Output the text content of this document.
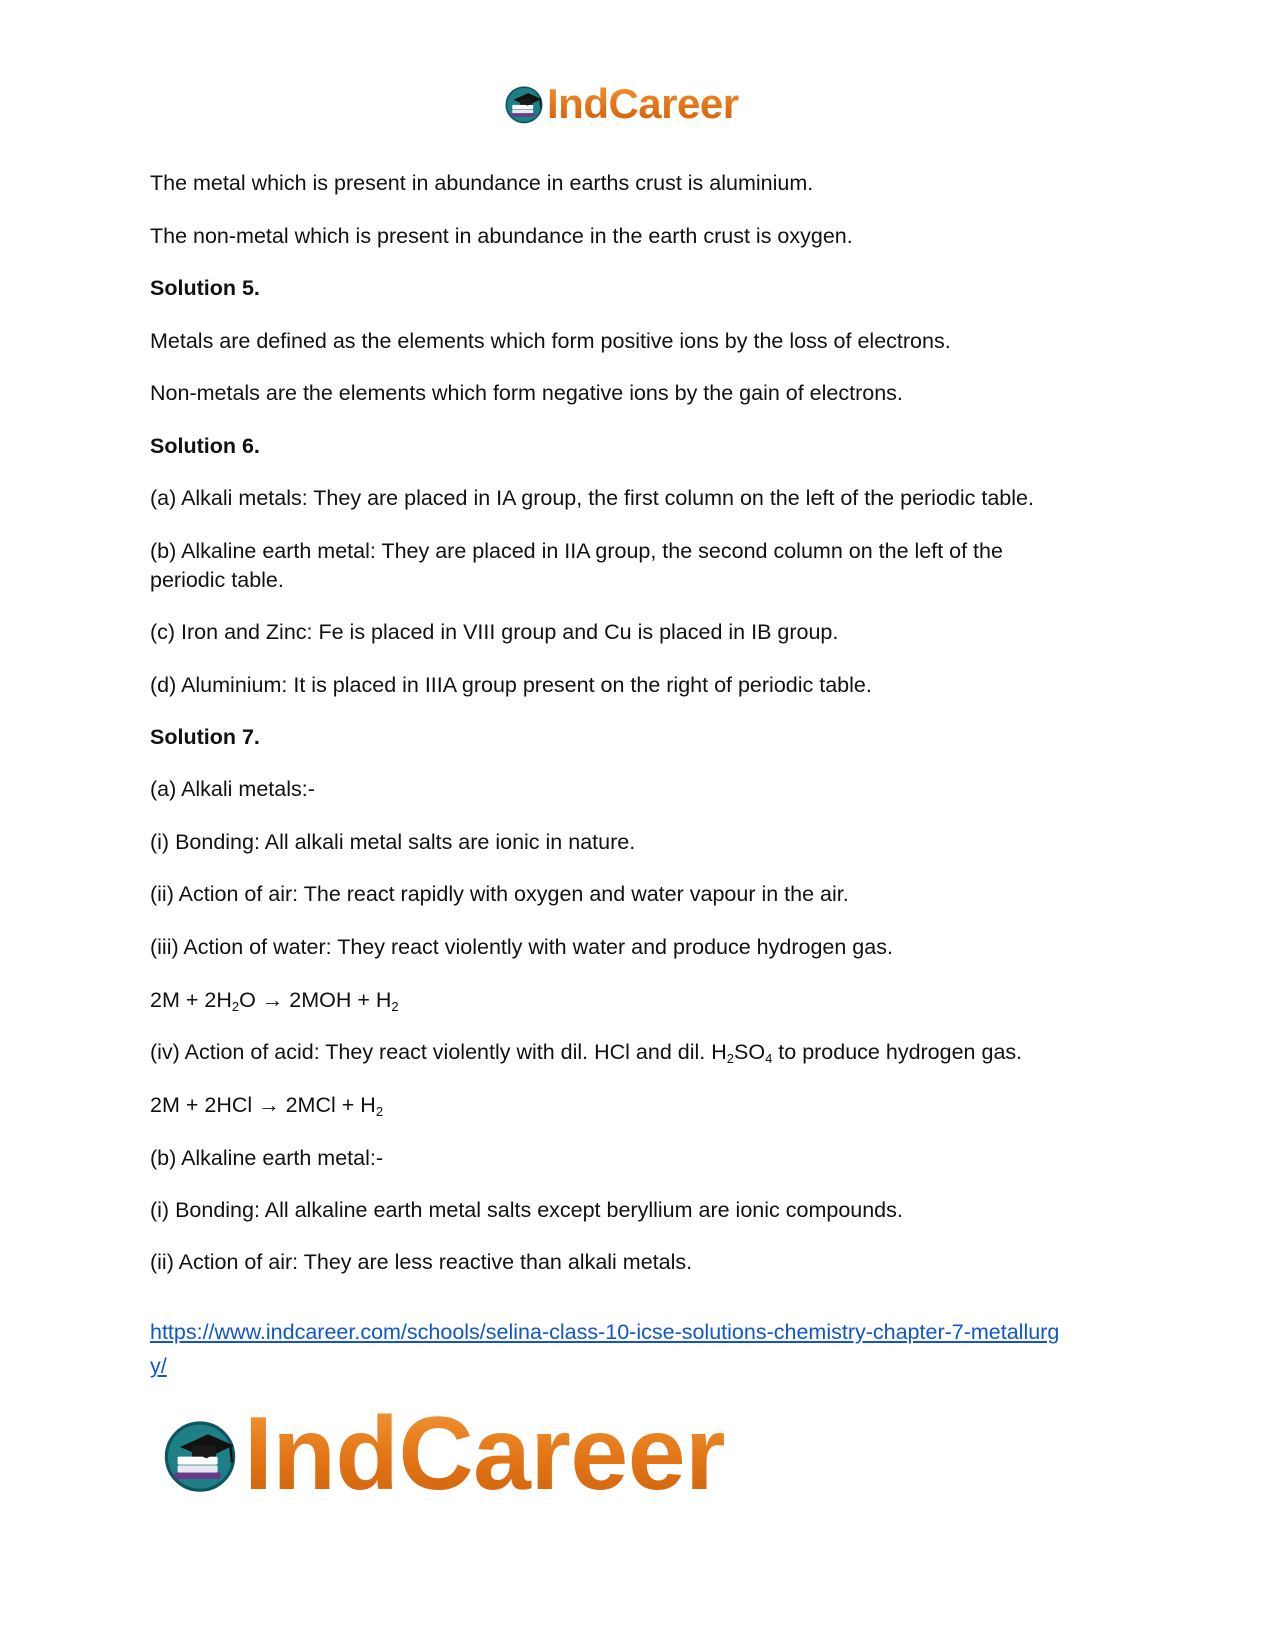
IndCareer
The metal which is present in abundance in earths crust is aluminium.
The non-metal which is present in abundance in the earth crust is oxygen.
Solution 5.
Metals are defined as the elements which form positive ions by the loss of electrons.
Non-metals are the elements which form negative ions by the gain of electrons.
Solution 6.
(a) Alkali metals: They are placed in IA group, the first column on the left of the periodic table.
(b) Alkaline earth metal: They are placed in IIA group, the second column on the left of the
periodic table.
(c) Iron and Zinc: Fe is placed in VIII group and Cu is placed in IB group.
(d) Aluminium: It is placed in IIIA group present on the right of periodic table.
Solution 7.
(a) Alkali metals:-
(i) Bonding: All alkali metal salts are ionic in nature.
(ii) Action of air: The react rapidly with oxygen and water vapour in the air.
(iii) Action of water: They react violently with water and produce hydrogen gas.
$2M + 2H_2O \to 2MOH + H_2$
(iv) Action of acid: They react violently with dil. HCl and dil. $H_2SO_4$ to produce hydrogen gas.
$2M + 2HCl \to 2MCl + H_2$
(b) Alkaline earth metal:-
(i) Bonding: All alkaline earth metal salts except beryllium are ionic compounds.
(ii) Action of air: They are less reactive than alkali metals.
https://www.indcareer.com/schools/selina-class-10-icse-solutions-chemistry-chapter-7-metallurg
y/
IndCareer
